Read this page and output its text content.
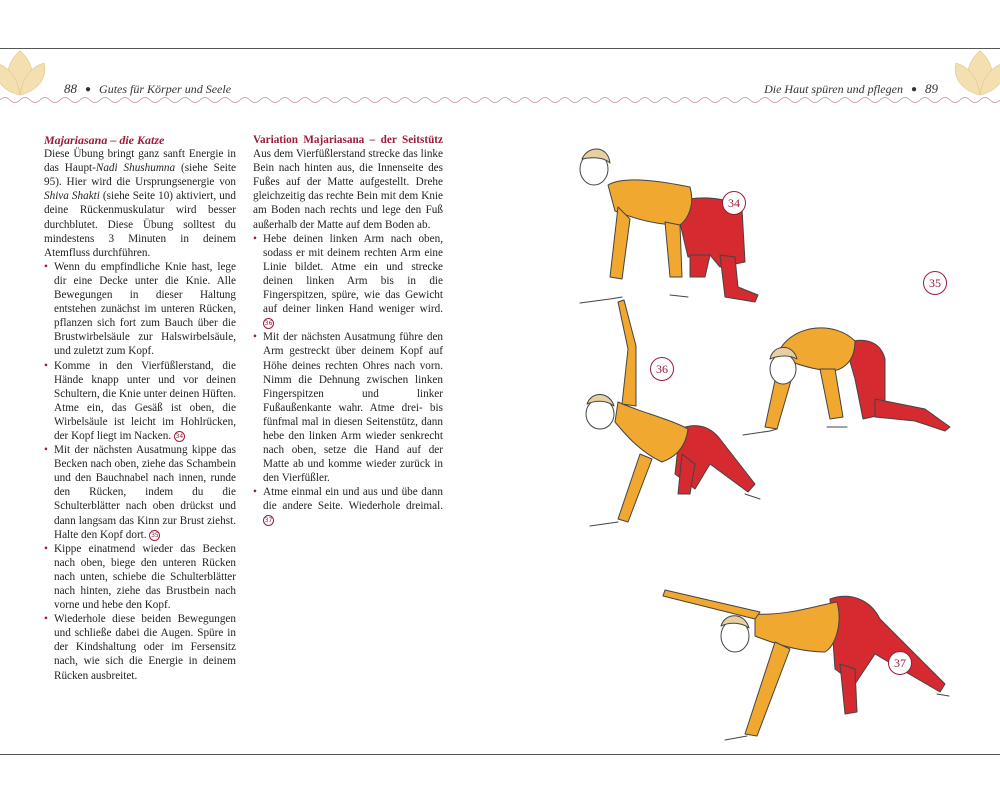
88 ● Gutes für Körper und Seele	Die Haut spüren und pflegen ● 89
Majariasana – die Katze

Diese Übung bringt ganz sanft Energie in das Haupt-Nadi Shushumna (siehe Seite 95). Hier wird die Ursprungsenergie von Shiva Shakti (siehe Seite 10) aktiviert, und deine Rückenmuskulatur wird besser durchblutet. Diese Übung solltest du mindestens 3 Minuten in deinem Atemfluss durchführen.

• Wenn du empfindliche Knie hast, lege dir eine Decke unter die Knie. Alle Bewegungen in dieser Haltung entstehen zunächst im unteren Rücken, pflanzen sich fort zum Bauch über die Brustwirbelsäule zur Halswirbelsäule, und zuletzt zum Kopf.
• Komme in den Vierfüßlerstand, die Hände knapp unter und vor deinen Schultern, die Knie unter deinen Hüften. Atme ein, das Gesäß ist oben, die Wirbelsäule ist leicht im Hohlrücken, der Kopf liegt im Nacken. 34
• Mit der nächsten Ausatmung kippe das Becken nach oben, ziehe das Schambein und den Bauchnabel nach innen, runde den Rücken, indem du die Schulterblätter nach oben drückst und dann langsam das Kinn zur Brust ziehst. Halte den Kopf dort. 35
• Kippe einatmend wieder das Becken nach oben, biege den unteren Rücken nach unten, schiebe die Schulterblätter nach hinten, ziehe das Brustbein nach vorne und hebe den Kopf.
• Wiederhole diese beiden Bewegungen und schließe dabei die Augen. Spüre in der Kindshaltung oder im Fersensitz nach, wie sich die Energie in deinem Rücken ausbreitet.

Variation Majariasana – der Seitstütz Aus dem Vierfüßlerstand strecke das linke Bein nach hinten aus, die Innenseite des Fußes auf der Matte aufgestellt. Drehe gleichzeitig das rechte Bein mit dem Knie am Boden nach rechts und lege den Fuß außerhalb der Matte auf dem Boden ab.

• Hebe deinen linken Arm nach oben, sodass er mit deinem rechten Arm eine Linie bildet. Atme ein und strecke deinen linken Arm bis in die Fingerspitzen, spüre, wie das Gewicht auf deiner linken Hand weniger wird. 36
• Mit der nächsten Ausatmung führe den Arm gestreckt über deinem Kopf auf Höhe deines rechten Ohres nach vorn. Nimm die Dehnung zwischen linken Fingerspitzen und linker Fußaußenkante wahr. Atme drei- bis fünfmal mal in diesen Seitenstütz, dann hebe den linken Arm wieder senkrecht nach oben, setze die Hand auf der Matte ab und komme wieder zurück in den Vierfüßler.
• Atme einmal ein und aus und übe dann die andere Seite. Wiederhole dreimal. 37
34
35
36
37
